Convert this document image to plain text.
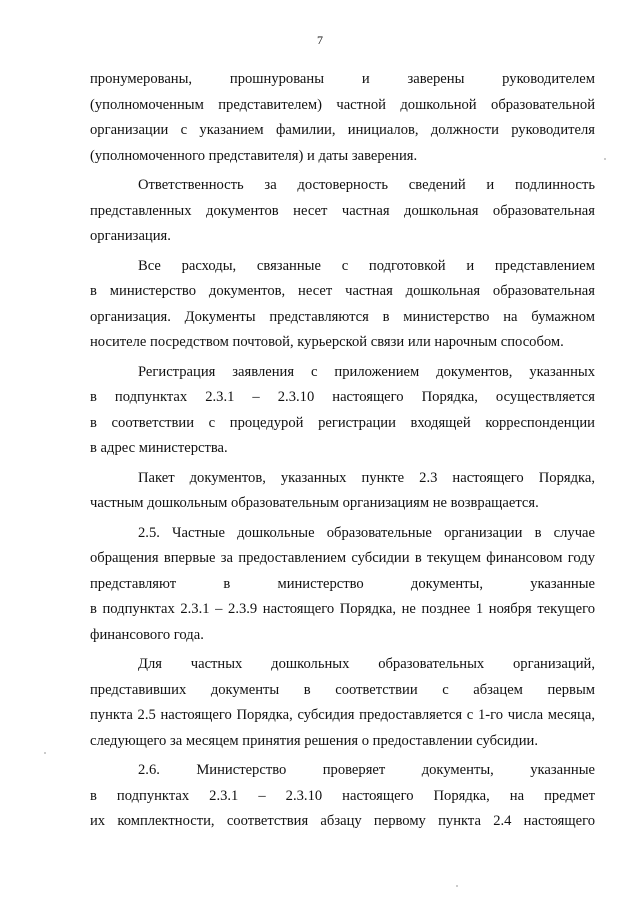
7
пронумерованы, прошнурованы и заверены руководителем
(уполномоченным представителем) частной дошкольной образовательной
организации с указанием фамилии, инициалов, должности руководителя
(уполномоченного представителя) и даты заверения.
Ответственность за достоверность сведений и подлинность
представленных документов несет частная дошкольная образовательная
организация.
Все расходы, связанные с подготовкой и представлением
в министерство документов, несет частная дошкольная образовательная
организация. Документы представляются в министерство на бумажном
носителе посредством почтовой, курьерской связи или нарочным способом.
Регистрация заявления с приложением документов, указанных
в подпунктах 2.3.1 – 2.3.10 настоящего Порядка, осуществляется
в соответствии с процедурой регистрации входящей корреспонденции
в адрес министерства.
Пакет документов, указанных пункте 2.3 настоящего Порядка,
частным дошкольным образовательным организациям не возвращается.
2.5. Частные дошкольные образовательные организации в случае
обращения впервые за предоставлением субсидии в текущем финансовом году
представляют в министерство документы, указанные
в подпунктах 2.3.1 – 2.3.9 настоящего Порядка, не позднее 1 ноября текущего
финансового года.
Для частных дошкольных образовательных организаций,
представивших документы в соответствии с абзацем первым
пункта 2.5 настоящего Порядка, субсидия предоставляется с 1-го числа месяца,
следующего за месяцем принятия решения о предоставлении субсидии.
2.6. Министерство проверяет документы, указанные
в подпунктах 2.3.1 – 2.3.10 настоящего Порядка, на предмет
их комплектности, соответствия абзацу первому пункта 2.4 настоящего
